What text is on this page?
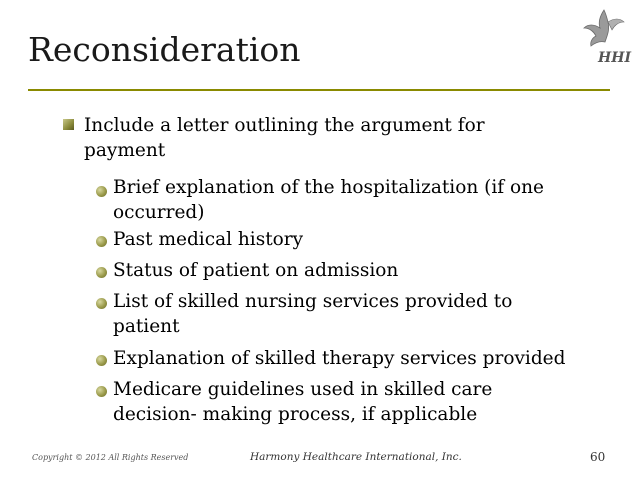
Reconsideration	HHI
Include a letter outlining the argument for payment
Brief explanation of the hospitalization (if one occurred)
Past medical history
Status of patient on admission
List of skilled nursing services provided to patient
Explanation of skilled therapy services provided
Medicare guidelines used in skilled care decision- making process, if applicable
Copyright © 2012 All Rights Reserved	Harmony Healthcare International, Inc.	60
